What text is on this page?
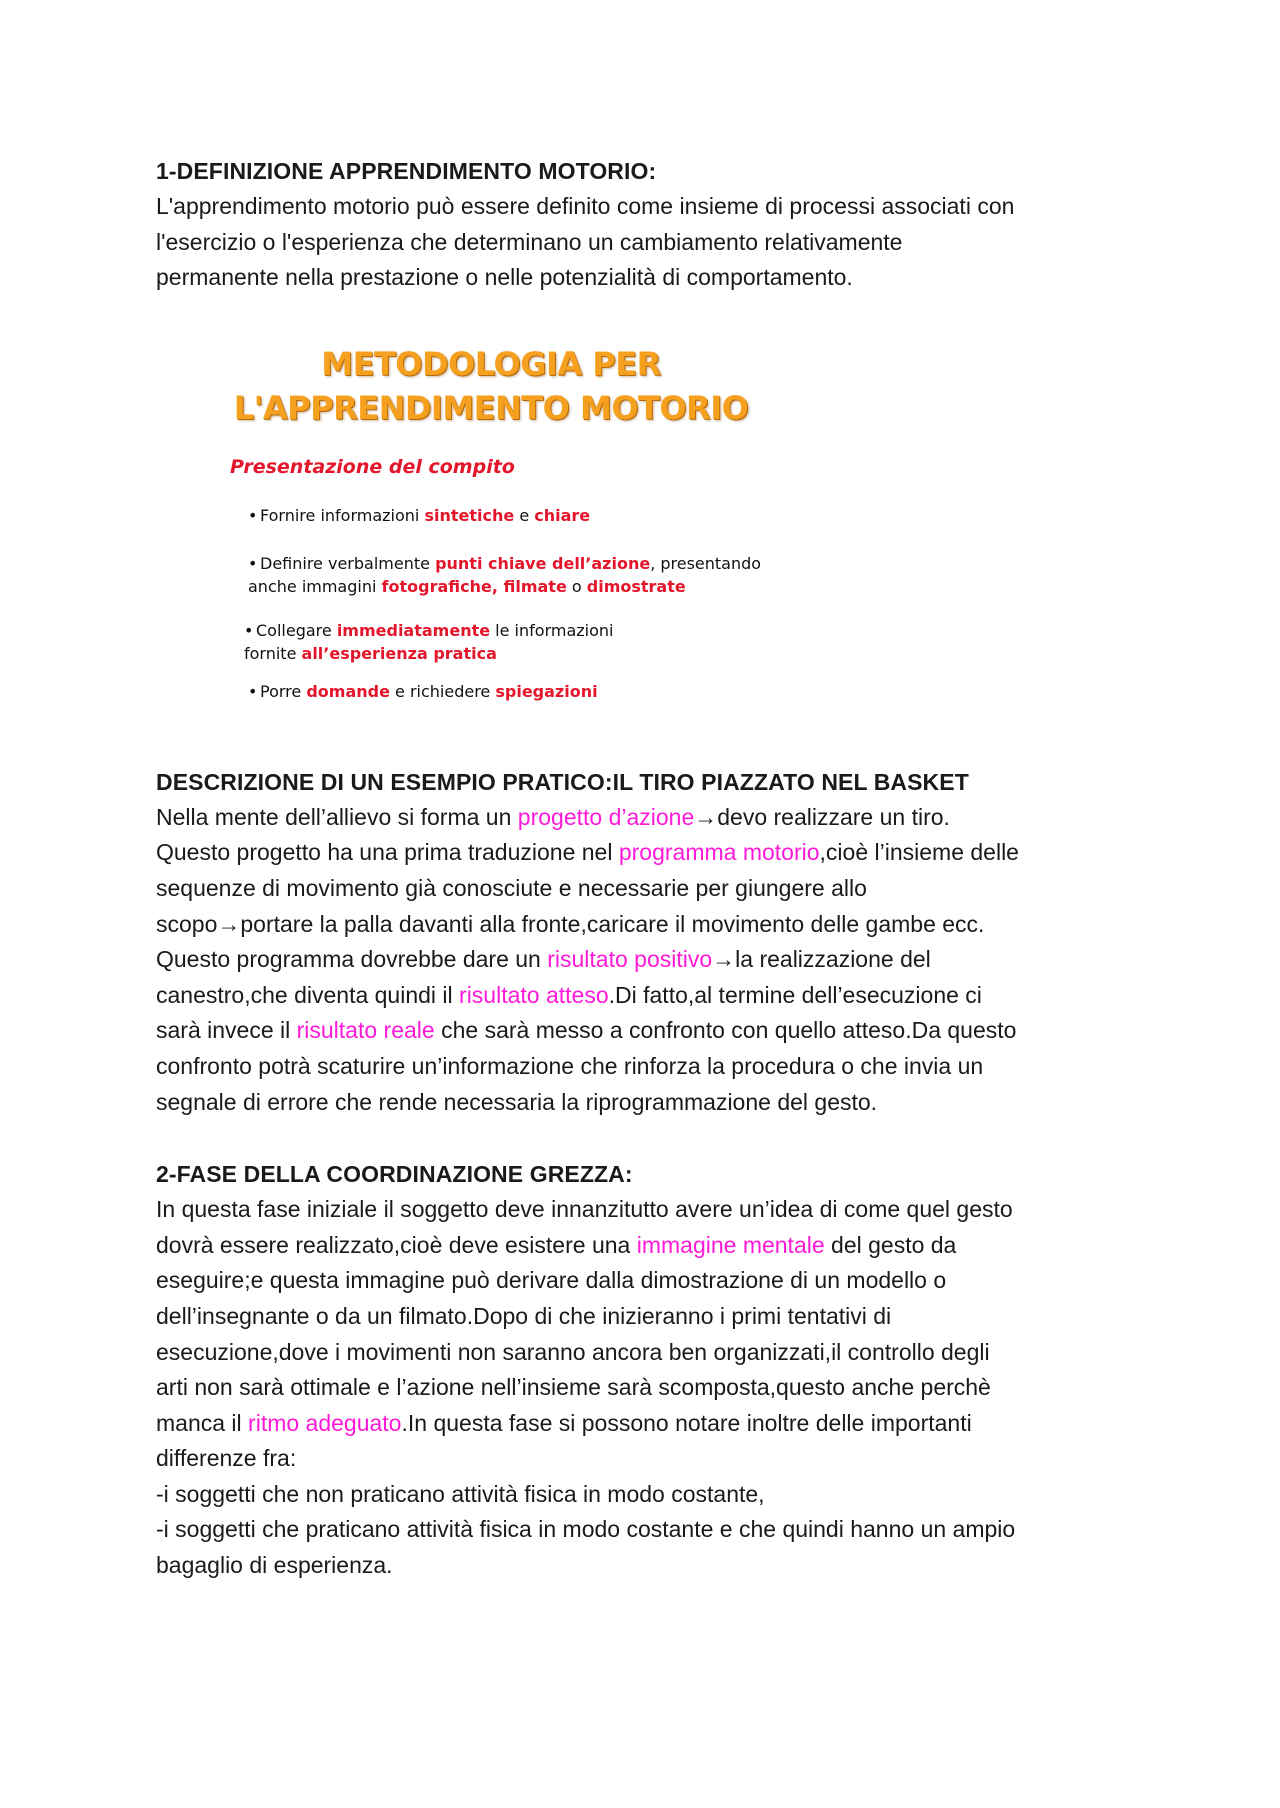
1-DEFINIZIONE APPRENDIMENTO MOTORIO:

L'apprendimento motorio può essere definito come insieme di processi associati con

l'esercizio o l'esperienza che determinano un cambiamento relativamente

permanente nella prestazione o nelle potenzialità di comportamento.

METODOLOGIA PER

L'APPRENDIMENTO MOTORIO

Presentazione del compito

• Fornire informazioni sintetiche e chiare

• Definire verbalmente punti chiave dell’azione, presentando
anche immagini fotografiche, filmate o dimostrate

• Collegare immediatamente le informazioni
fornite all’esperienza pratica

• Porre domande e richiedere spiegazioni

DESCRIZIONE DI UN ESEMPIO PRATICO:IL TIRO PIAZZATO NEL BASKET

Nella mente dell’allievo si forma un progetto d’azione→devo realizzare un tiro.

Questo progetto ha una prima traduzione nel programma motorio,cioè l’insieme delle

sequenze di movimento già conosciute e necessarie per giungere allo

scopo→portare la palla davanti alla fronte,caricare il movimento delle gambe ecc.

Questo programma dovrebbe dare un risultato positivo→la realizzazione del

canestro,che diventa quindi il risultato atteso.Di fatto,al termine dell’esecuzione ci

sarà invece il risultato reale che sarà messo a confronto con quello atteso.Da questo

confronto potrà scaturire un’informazione che rinforza la procedura o che invia un

segnale di errore che rende necessaria la riprogrammazione del gesto.

2-FASE DELLA COORDINAZIONE GREZZA:

In questa fase iniziale il soggetto deve innanzitutto avere un’idea di come quel gesto

dovrà essere realizzato,cioè deve esistere una immagine mentale del gesto da

eseguire;e questa immagine può derivare dalla dimostrazione di un modello o

dell’insegnante o da un filmato.Dopo di che inizieranno i primi tentativi di

esecuzione,dove i movimenti non saranno ancora ben organizzati,il controllo degli

arti non sarà ottimale e l’azione nell’insieme sarà scomposta,questo anche perchè

manca il ritmo adeguato.In questa fase si possono notare inoltre delle importanti

differenze fra:

-i soggetti che non praticano attività fisica in modo costante,

-i soggetti che praticano attività fisica in modo costante e che quindi hanno un ampio

bagaglio di esperienza.
